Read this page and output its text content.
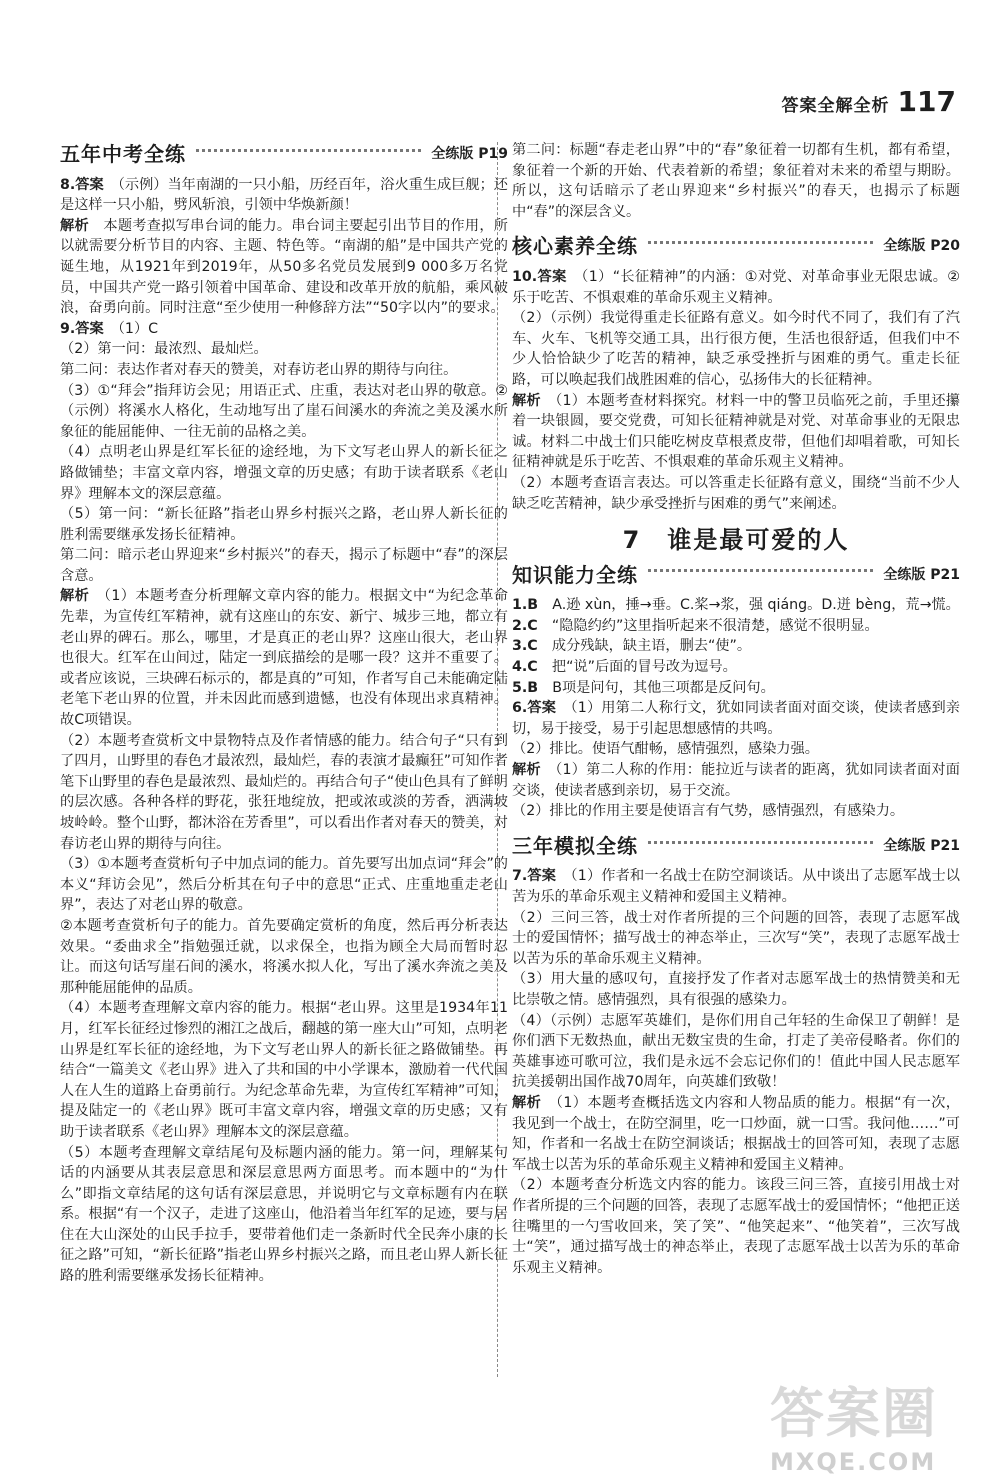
答案全解全析 117
五年中考全练	全练版 P19

8.答案　（示例）当年南湖的一只小船，历经百年，浴火重生成巨舰；还是这样一只小船，劈风斩浪，引领中华焕新颜！

解析　本题考查拟写串台词的能力。串台词主要起引出节目的作用，所以就需要分析节目的内容、主题、特色等。“南湖的船”是中国共产党的诞生地，从1921年到2019年，从50多名党员发展到9 000多万名党员，中国共产党一路引领着中国革命、建设和改革开放的航船，乘风破浪，奋勇向前。同时注意“至少使用一种修辞方法”“50字以内”的要求。

9.答案　（1）C

（2）第一问：最浓烈、最灿烂。

第二问：表达作者对春天的赞美，对春访老山界的期待与向往。

（3）①“拜会”指拜访会见；用语正式、庄重，表达对老山界的敬意。②（示例）将溪水人格化，生动地写出了崖石间溪水的奔流之美及溪水所象征的能屈能伸、一往无前的品格之美。

（4）点明老山界是红军长征的途经地，为下文写老山界人的新长征之路做铺垫；丰富文章内容，增强文章的历史感；有助于读者联系《老山界》理解本文的深层意蕴。

（5）第一问：“新长征路”指老山界乡村振兴之路，老山界人新长征的胜利需要继承发扬长征精神。

第二问：暗示老山界迎来“乡村振兴”的春天，揭示了标题中“春”的深层含意。

解析　（1）本题考查分析理解文章内容的能力。根据文中“为纪念革命先辈，为宣传红军精神，就有这座山的东安、新宁、城步三地，都立有老山界的碑石。那么，哪里，才是真正的老山界？这座山很大，老山界也很大。红军在山间过，陆定一到底描绘的是哪一段？这并不重要了。或者应该说，三块碑石标示的，都是真的”可知，作者写自己未能确定陆老笔下老山界的位置，并未因此而感到遗憾，也没有体现出求真精神。故C项错误。

（2）本题考查赏析文中景物特点及作者情感的能力。结合句子“只有到了四月，山野里的春色才最浓烈，最灿烂，春的表演才最癫狂”可知作者笔下山野里的春色是最浓烈、最灿烂的。再结合句子“使山色具有了鲜明的层次感。各种各样的野花，张狂地绽放，把或浓或淡的芳香，洒满坡坡岭岭。整个山野，都沐浴在芳香里”，可以看出作者对春天的赞美，对春访老山界的期待与向往。

（3）①本题考查赏析句子中加点词的能力。首先要写出加点词“拜会”的本义“拜访会见”，然后分析其在句子中的意思“正式、庄重地重走老山界”，表达了对老山界的敬意。

②本题考查赏析句子的能力。首先要确定赏析的角度，然后再分析表达效果。“委曲求全”指勉强迁就，以求保全，也指为顾全大局而暂时忍让。而这句话写崖石间的溪水，将溪水拟人化，写出了溪水奔流之美及那种能屈能伸的品质。

（4）本题考查理解文章内容的能力。根据“老山界。这里是1934年11月，红军长征经过惨烈的湘江之战后，翻越的第一座大山”可知，点明老山界是红军长征的途经地，为下文写老山界人的新长征之路做铺垫。再结合“一篇美文《老山界》进入了共和国的中小学课本，激励着一代代国人在人生的道路上奋勇前行。为纪念革命先辈，为宣传红军精神”可知，提及陆定一的《老山界》既可丰富文章内容，增强文章的历史感；又有助于读者联系《老山界》理解本文的深层意蕴。

（5）本题考查理解文章结尾句及标题内涵的能力。第一问，理解某句话的内涵要从其表层意思和深层意思两方面思考。而本题中的“为什么”即指文章结尾的这句话有深层意思，并说明它与文章标题有内在联系。根据“有一个汉子，走进了这座山，他沿着当年红军的足迹，要与居住在大山深处的山民手拉手，要带着他们走一条新时代全民奔小康的长征之路”可知，“新长征路”指老山界乡村振兴之路，而且老山界人新长征路的胜利需要继承发扬长征精神。

第二问：标题“春走老山界”中的“春”象征着一切都有生机，都有希望，象征着一个新的开始、代表着新的希望；象征着对未来的希望与期盼。所以，这句话暗示了老山界迎来“乡村振兴”的春天，也揭示了标题中“春”的深层含义。

核心素养全练	全练版 P20

10.答案　（1）“长征精神”的内涵：①对党、对革命事业无限忠诚。②乐于吃苦、不惧艰难的革命乐观主义精神。

（2）（示例）我觉得重走长征路有意义。如今时代不同了，我们有了汽车、火车、飞机等交通工具，出行很方便，生活也很舒适，但我们中不少人恰恰缺少了吃苦的精神，缺乏承受挫折与困难的勇气。重走长征路，可以唤起我们战胜困难的信心，弘扬伟大的长征精神。

解析　（1）本题考查材料探究。材料一中的警卫员临死之前，手里还攥着一块银圆，要交党费，可知长征精神就是对党、对革命事业的无限忠诚。材料二中战士们只能吃树皮草根煮皮带，但他们却唱着歌，可知长征精神就是乐于吃苦、不惧艰难的革命乐观主义精神。

（2）本题考查语言表达。可以答重走长征路有意义，围绕“当前不少人缺乏吃苦精神，缺少承受挫折与困难的勇气”来阐述。

7　谁是最可爱的人
知识能力全练	全练版 P21

1.B　A.逊 xùn，捶→垂。C.桨→浆，强 qiáng。D.迸 bèng，荒→慌。

2.C　“隐隐约约”这里指听起来不很清楚，感觉不很明显。

3.C　成分残缺，缺主语，删去“使”。

4.C　把“说”后面的冒号改为逗号。

5.B　B项是问句，其他三项都是反问句。

6.答案　（1）用第二人称行文，犹如同读者面对面交谈，使读者感到亲切，易于接受，易于引起思想感情的共鸣。

（2）排比。使语气酣畅，感情强烈，感染力强。

解析　（1）第二人称的作用：能拉近与读者的距离，犹如同读者面对面交谈，使读者感到亲切，易于交流。

（2）排比的作用主要是使语言有气势，感情强烈，有感染力。

三年模拟全练	全练版 P21

7.答案　（1）作者和一名战士在防空洞谈话。从中谈出了志愿军战士以苦为乐的革命乐观主义精神和爱国主义精神。

（2）三问三答，战士对作者所提的三个问题的回答，表现了志愿军战士的爱国情怀；描写战士的神态举止，三次写“笑”，表现了志愿军战士以苦为乐的革命乐观主义精神。

（3）用大量的感叹句，直接抒发了作者对志愿军战士的热情赞美和无比崇敬之情。感情强烈，具有很强的感染力。

（4）（示例）志愿军英雄们，是你们用自己年轻的生命保卫了朝鲜！是你们洒下无数热血，献出无数宝贵的生命，打走了美帝侵略者。你们的英雄事迹可歌可泣，我们是永远不会忘记你们的！值此中国人民志愿军抗美援朝出国作战70周年，向英雄们致敬！

解析　（1）本题考查概括选文内容和人物品质的能力。根据“有一次，我见到一个战士，在防空洞里，吃一口炒面，就一口雪。我问他……”可知，作者和一名战士在防空洞谈话；根据战士的回答可知，表现了志愿军战士以苦为乐的革命乐观主义精神和爱国主义精神。

（2）本题考查分析选文内容的能力。该段三问三答，直接引用战士对作者所提的三个问题的回答，表现了志愿军战士的爱国情怀；“他把正送往嘴里的一勺雪收回来，笑了笑”、“他笑起来”、“他笑着”，三次写战士“笑”，通过描写战士的神态举止，表现了志愿军战士以苦为乐的革命乐观主义精神。

答案圈
MXQE.COM
